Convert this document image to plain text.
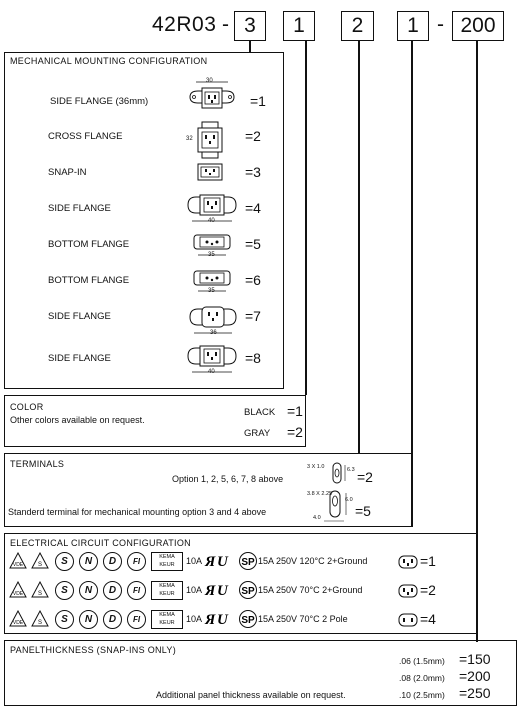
42R03 - 3	1	2	1 - 200
MECHANICAL MOUNTING CONFIGURATION
SIDE FLANGE (36mm)	=1
CROSS FLANGE	=2
SNAP-IN	=3
SIDE FLANGE	=4
BOTTOM FLANGE	=5
BOTTOM FLANGE	=6
SIDE FLANGE	=7
SIDE FLANGE	=8
30
32
40
35
35
36
40
COLOR
Other colors available on request.
BLACK =1
GRAY =2
TERMINALS
Option 1, 2, 5, 6, 7, 8 above
3 X 1.0	6.3 =2
Standerd terminal for mechanical mounting option 3 and 4 above
3.8 X 2.25
6.0
4.0 =5
ELECTRICAL CIRCUIT CONFIGURATION
VDE S	S	N	D	FI	KEMA KEUR	10A Я U SP 15A 250V 120°C 2+Ground	=1
VDE S	S	N	D	FI	KEMA KEUR	10A Я U SP 15A 250V 70°C 2+Ground	=2
VDE S	S	N	D	FI	KEMA KEUR	10A Я U SP 15A 250V 70°C 2 Pole	=4
PANELTHICKNESS (SNAP-INS ONLY)
.06 (1.5mm) =150
.08 (2.0mm) =200
Additional panel thickness available on request.	.10 (2.5mm) =250
